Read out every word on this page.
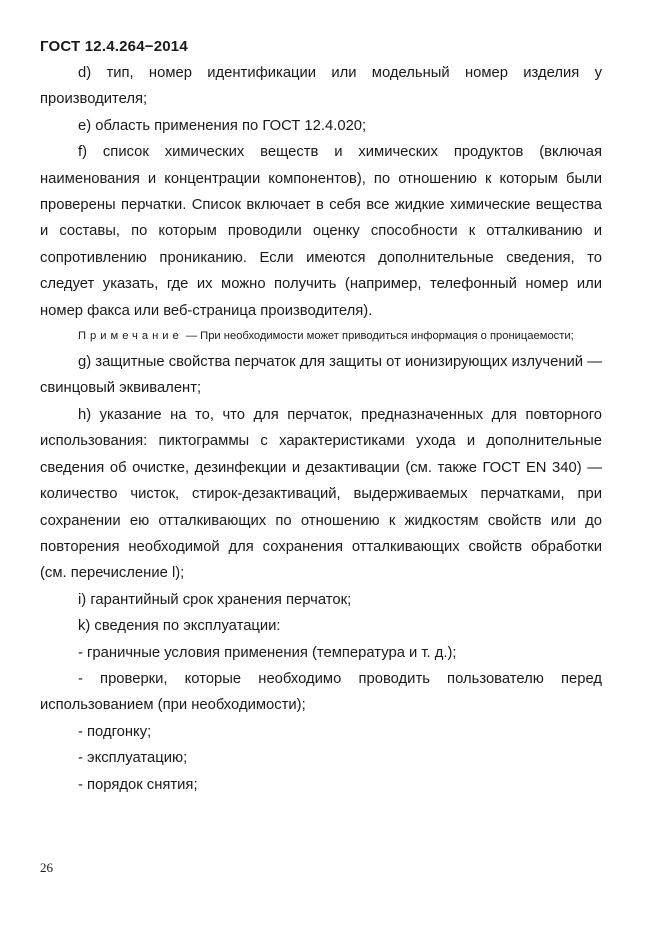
ГОСТ 12.4.264−2014

d) тип, номер идентификации или модельный номер изделия у производителя;

e) область применения по ГОСТ 12.4.020;

f) список химических веществ и химических продуктов (включая наименования и концентрации компонентов), по отношению к которым были проверены перчатки. Список включает в себя все жидкие химические вещества и составы, по которым проводили оценку способности к отталкиванию и сопротивлению прониканию. Если имеются дополнительные сведения, то следует указать, где их можно получить (например, телефонный номер или номер факса или веб-страница производителя).

Примечание — При необходимости может приводиться информация о проницаемости;

g) защитные свойства перчаток для защиты от ионизирующих излучений — свинцовый эквивалент;

h) указание на то, что для перчаток, предназначенных для повторного использования: пиктограммы с характеристиками ухода и дополнительные сведения об очистке, дезинфекции и дезактивации (см. также ГОСТ EN 340) — количество чисток, стирок-дезактиваций, выдерживаемых перчатками, при сохранении ею отталкивающих по отношению к жидкостям свойств или до повторения необходимой для сохранения отталкивающих свойств обработки (см. перечисление l);

i) гарантийный срок хранения перчаток;

k) сведения по эксплуатации:

- граничные условия применения (температура и т. д.);

- проверки, которые необходимо проводить пользователю перед использованием (при необходимости);

- подгонку;

- эксплуатацию;

- порядок снятия;

26
